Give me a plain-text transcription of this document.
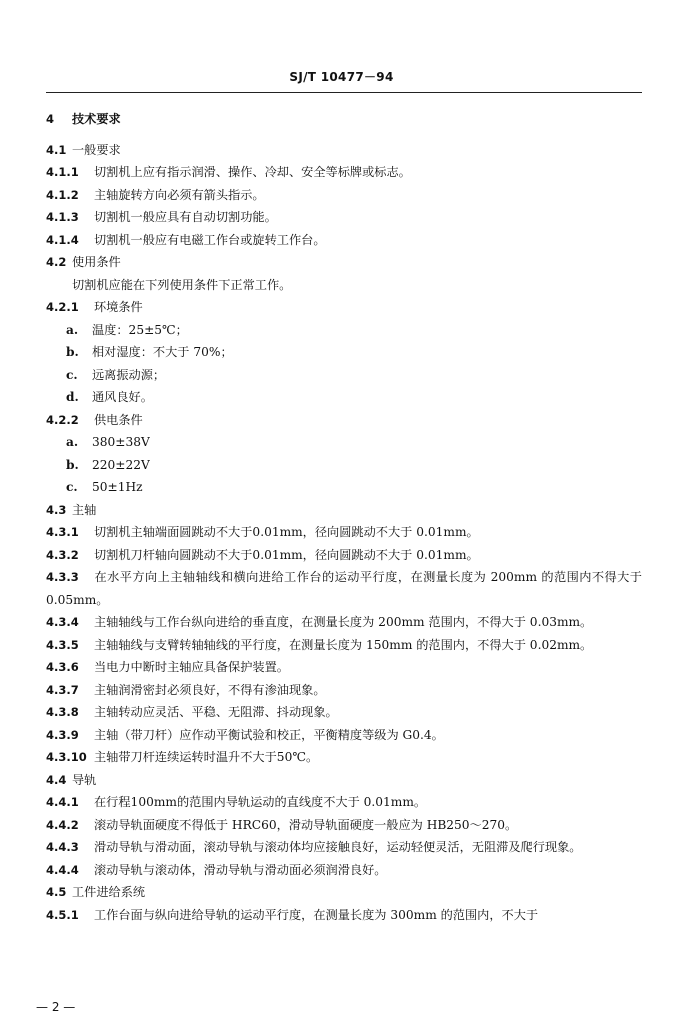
SJ/T 10477－94
4 技术要求
4.1 一般要求
4.1.1 切割机上应有指示润滑、操作、冷却、安全等标牌或标志。
4.1.2 主轴旋转方向必须有箭头指示。
4.1.3 切割机一般应具有自动切割功能。
4.1.4 切割机一般应有电磁工作台或旋转工作台。
4.2 使用条件
切割机应能在下列使用条件下正常工作。
4.2.1 环境条件
a. 温度：25±5℃；
b. 相对湿度：不大于 70%；
c. 远离振动源；
d. 通风良好。
4.2.2 供电条件
a. 380±38V
b. 220±22V
c. 50±1Hz
4.3 主轴
4.3.1 切割机主轴端面圆跳动不大于0.01mm，径向圆跳动不大于 0.01mm。
4.3.2 切割机刀杆轴向圆跳动不大于0.01mm，径向圆跳动不大于 0.01mm。
4.3.3 在水平方向上主轴轴线和横向进给工作台的运动平行度，在测量长度为 200mm 的范围内不得大于 0.05mm。
4.3.4 主轴轴线与工作台纵向进给的垂直度，在测量长度为 200mm 范围内，不得大于 0.03mm。
4.3.5 主轴轴线与支臂转轴轴线的平行度，在测量长度为 150mm 的范围内，不得大于 0.02mm。
4.3.6 当电力中断时主轴应具备保护装置。
4.3.7 主轴润滑密封必须良好，不得有渗油现象。
4.3.8 主轴转动应灵活、平稳、无阻滞、抖动现象。
4.3.9 主轴（带刀杆）应作动平衡试验和校正，平衡精度等级为 G0.4。
4.3.10 主轴带刀杆连续运转时温升不大于50℃。
4.4 导轨
4.4.1 在行程100mm的范围内导轨运动的直线度不大于 0.01mm。
4.4.2 滚动导轨面硬度不得低于 HRC60，滑动导轨面硬度一般应为 HB250～270。
4.4.3 滑动导轨与滑动面，滚动导轨与滚动体均应接触良好，运动轻便灵活，无阻滞及爬行现象。
4.4.4 滚动导轨与滚动体，滑动导轨与滑动面必须润滑良好。
4.5 工件进给系统
4.5.1 工作台面与纵向进给导轨的运动平行度，在测量长度为 300mm 的范围内，不大于
— 2 —
